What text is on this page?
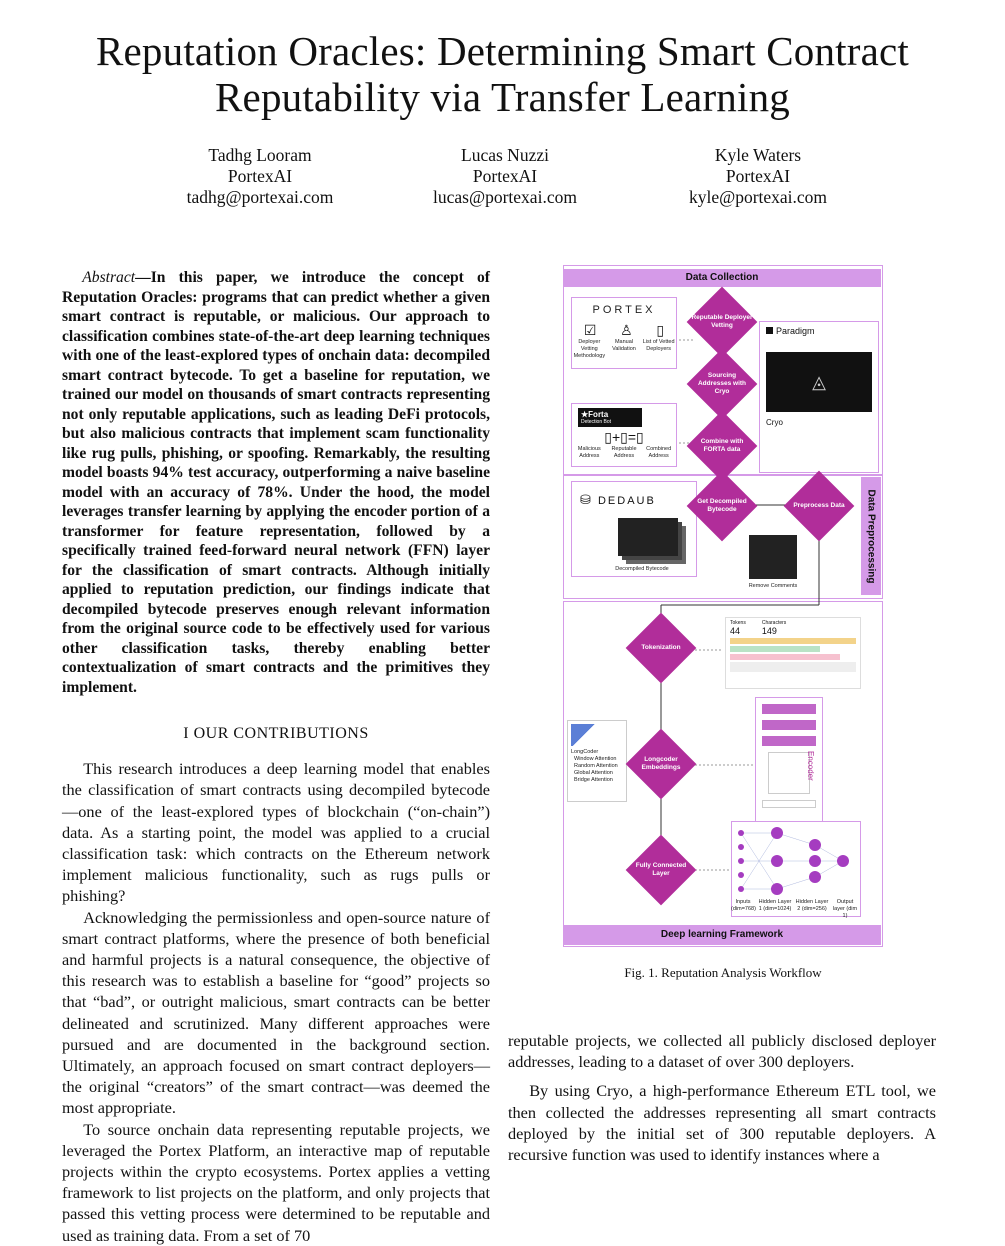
Reputation Oracles: Determining Smart Contract
Reputability via Transfer Learning
Tadhg Looram
PortexAI
tadhg@portexai.com
Lucas Nuzzi
PortexAI
lucas@portexai.com
Kyle Waters
PortexAI
kyle@portexai.com

Abstract—In this paper, we introduce the concept of Reputation Oracles: programs that can predict whether a given smart contract is reputable, or malicious. Our approach to classification combines state-of-the-art deep learning techniques with one of the least-explored types of onchain data: decompiled smart contract bytecode. To get a baseline for reputation, we trained our model on thousands of smart contracts representing not only reputable applications, such as leading DeFi protocols, but also malicious contracts that implement scam functionality like rug pulls, phishing, or spoofing. Remarkably, the resulting model boasts 94% test accuracy, outperforming a naive baseline model with an accuracy of 78%. Under the hood, the model leverages transfer learning by applying the encoder portion of a transformer for feature representation, followed by a specifically trained feed-forward neural network (FFN) layer for the classification of smart contracts. Although initially applied to reputation prediction, our findings indicate that decompiled bytecode preserves enough relevant information from the original source code to be effectively used for various other classification tasks, thereby enabling better contextualization of smart contracts and the primitives they implement.

I OUR CONTRIBUTIONS

This research introduces a deep learning model that enables the classification of smart contracts using decompiled bytecode—one of the least-explored types of blockchain (“on-chain”) data. As a starting point, the model was applied to a crucial classification task: which contracts on the Ethereum network implement malicious functionality, such as rugs pulls or phishing?

Acknowledging the permissionless and open-source nature of smart contract platforms, where the presence of both beneficial and harmful projects is a natural consequence, the objective of this research was to establish a baseline for “good” projects so that “bad”, or outright malicious, smart contracts can be better delineated and scrutinized. Many different approaches were pursued and are documented in the background section. Ultimately, an approach focused on smart contract deployers—the original “creators” of the smart contract—was deemed the most appropriate.

To source onchain data representing reputable projects, we leveraged the Portex Platform, an interactive map of reputable projects within the crypto ecosystems. Portex applies a vetting framework to list projects on the platform, and only projects that passed this vetting process were determined to be reputable and used as training data. From a set of 70

reputable projects, we collected all publicly disclosed deployer addresses, leading to a dataset of over 300 deployers.

By using Cryo, a high-performance Ethereum ETL tool, we then collected the addresses representing all smart contracts deployed by the initial set of 300 reputable deployers. A recursive function was used to identify instances where a

Data Collection
Data Preprocessing
Deep learning Framework
PORTEX
☑ ♙ ▯
Deployer Vetting Methodology
Manual Validation
List of Vetted Deployers
★Forta
Detection Bot
▯+▯=▯
Malicious Address
Reputable Address
Combined Address
Paradigm
◬
Cryo
⛁ DEDAUB
Decompiled Bytecode
Remove Comments
Tokens
44
Characters
149
LongCoder
Window Attention
Random Attention
Global Attention
Bridge Attention	Encoder
Inputs (dim=768)
Hidden Layer 1 (dim=1024)
Hidden Layer 2 (dim=256)
Output layer (dim 1)
Reputable Deployer Vetting
Sourcing Addresses with Cryo
Combine with FORTA data
Get Decompiled Bytecode
Preprocess Data
Tokenization
Longcoder Embeddings
Fully Connected Layer
Fig. 1. Reputation Analysis Workflow
